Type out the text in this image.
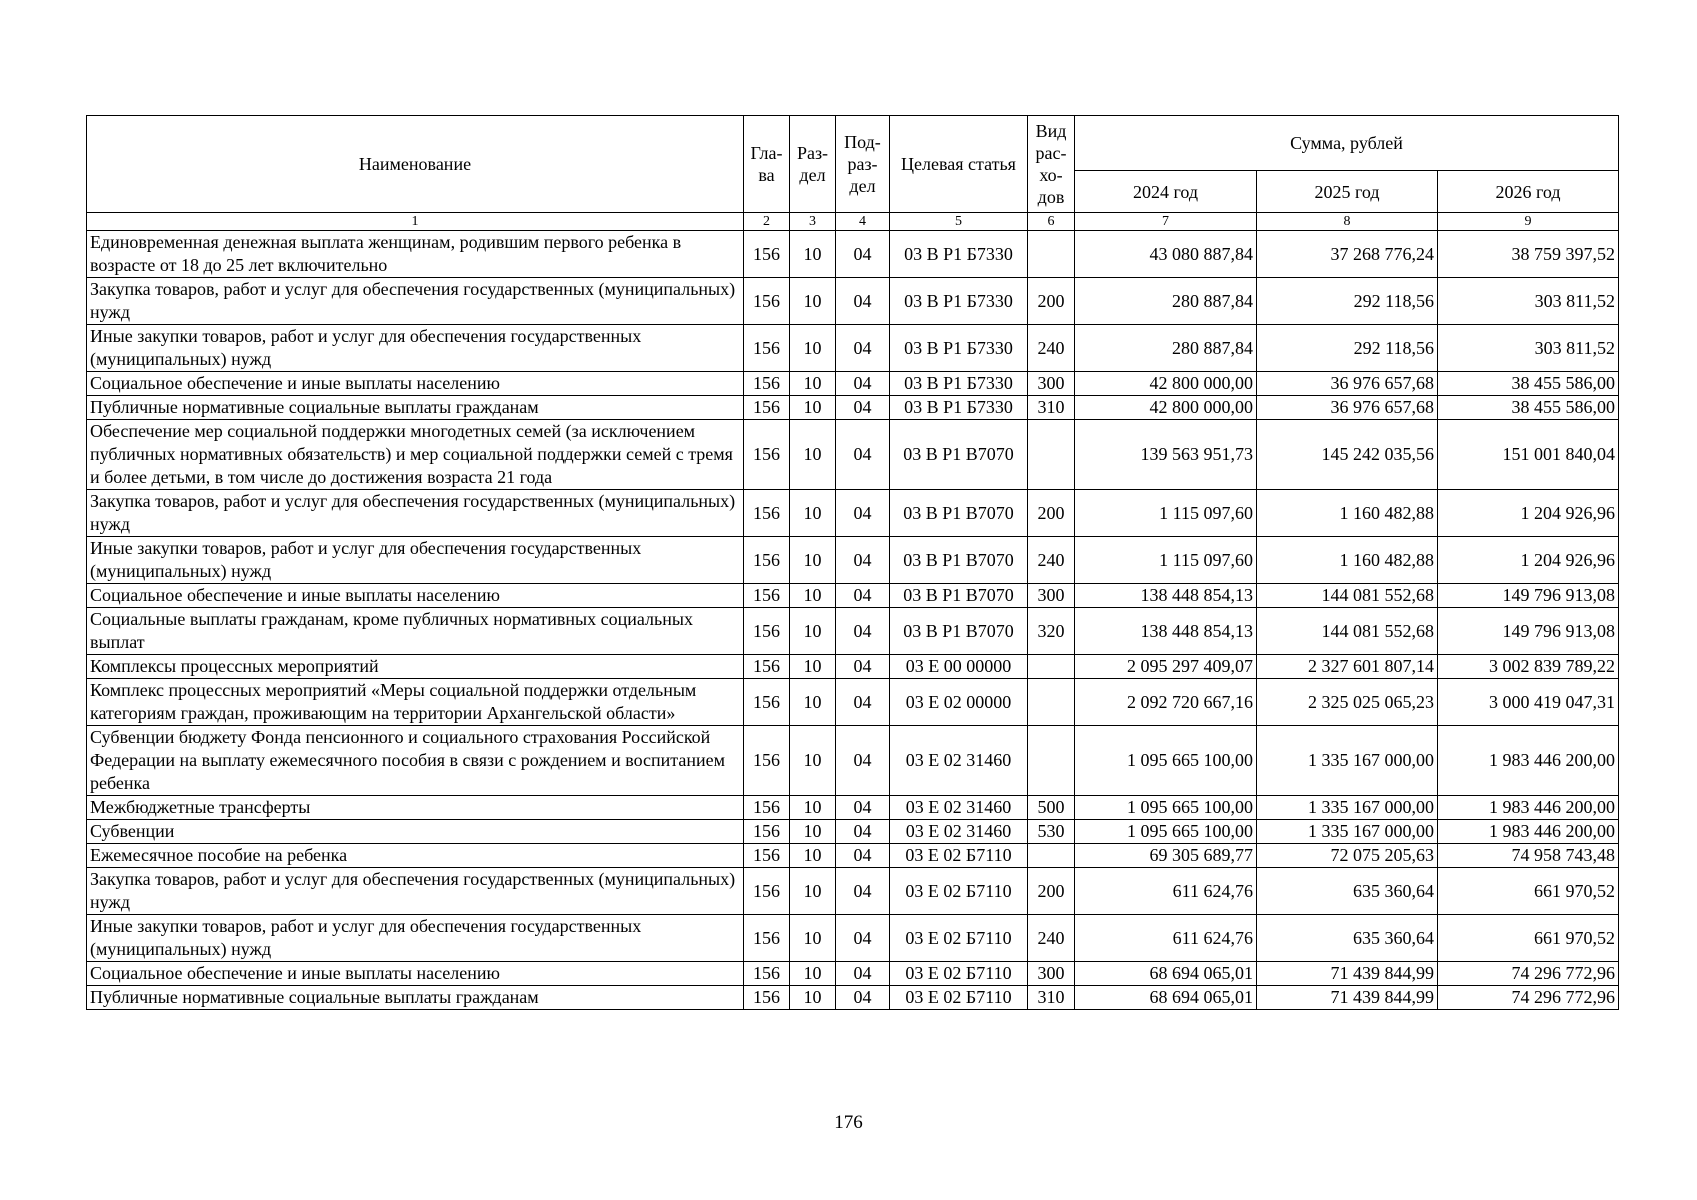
Наименование	Гла-ва	Раз-дел	Под-раз-дел	Целевая статья	Вид рас-хо-дов	Сумма, рублей		
						2024 год	2025 год	2026 год
1	2	3	4	5	6	7	8	9
Единовременная денежная выплата женщинам, родившим первого ребенка в возрасте от 18 до 25 лет включительно	156	10	04	03 В Р1 Б7330		43 080 887,84	37 268 776,24	38 759 397,52
Закупка товаров, работ и услуг для обеспечения государственных (муниципальных) нужд	156	10	04	03 В Р1 Б7330	200	280 887,84	292 118,56	303 811,52
Иные закупки товаров, работ и услуг для обеспечения государственных (муниципальных) нужд	156	10	04	03 В Р1 Б7330	240	280 887,84	292 118,56	303 811,52
Социальное обеспечение и иные выплаты населению	156	10	04	03 В Р1 Б7330	300	42 800 000,00	36 976 657,68	38 455 586,00
Публичные нормативные социальные выплаты гражданам	156	10	04	03 В Р1 Б7330	310	42 800 000,00	36 976 657,68	38 455 586,00
Обеспечение мер социальной поддержки многодетных семей (за исключением публичных нормативных обязательств) и мер социальной поддержки семей с тремя и более детьми, в том числе до достижения возраста 21 года	156	10	04	03 В Р1 В7070		139 563 951,73	145 242 035,56	151 001 840,04
Закупка товаров, работ и услуг для обеспечения государственных (муниципальных) нужд	156	10	04	03 В Р1 В7070	200	1 115 097,60	1 160 482,88	1 204 926,96
Иные закупки товаров, работ и услуг для обеспечения государственных (муниципальных) нужд	156	10	04	03 В Р1 В7070	240	1 115 097,60	1 160 482,88	1 204 926,96
Социальное обеспечение и иные выплаты населению	156	10	04	03 В Р1 В7070	300	138 448 854,13	144 081 552,68	149 796 913,08
Социальные выплаты гражданам, кроме публичных нормативных социальных выплат	156	10	04	03 В Р1 В7070	320	138 448 854,13	144 081 552,68	149 796 913,08
Комплексы процессных мероприятий	156	10	04	03 Е 00 00000		2 095 297 409,07	2 327 601 807,14	3 002 839 789,22
Комплекс процессных мероприятий «Меры социальной поддержки отдельным категориям граждан, проживающим на территории Архангельской области»	156	10	04	03 Е 02 00000		2 092 720 667,16	2 325 025 065,23	3 000 419 047,31
Субвенции бюджету Фонда пенсионного и социального страхования Российской Федерации на выплату ежемесячного пособия в связи с рождением и воспитанием ребенка	156	10	04	03 Е 02 31460		1 095 665 100,00	1 335 167 000,00	1 983 446 200,00
Межбюджетные трансферты	156	10	04	03 Е 02 31460	500	1 095 665 100,00	1 335 167 000,00	1 983 446 200,00
Субвенции	156	10	04	03 Е 02 31460	530	1 095 665 100,00	1 335 167 000,00	1 983 446 200,00
Ежемесячное пособие на ребенка	156	10	04	03 Е 02 Б7110		69 305 689,77	72 075 205,63	74 958 743,48
Закупка товаров, работ и услуг для обеспечения государственных (муниципальных) нужд	156	10	04	03 Е 02 Б7110	200	611 624,76	635 360,64	661 970,52
Иные закупки товаров, работ и услуг для обеспечения государственных (муниципальных) нужд	156	10	04	03 Е 02 Б7110	240	611 624,76	635 360,64	661 970,52
Социальное обеспечение и иные выплаты населению	156	10	04	03 Е 02 Б7110	300	68 694 065,01	71 439 844,99	74 296 772,96
Публичные нормативные социальные выплаты гражданам	156	10	04	03 Е 02 Б7110	310	68 694 065,01	71 439 844,99	74 296 772,96
176
